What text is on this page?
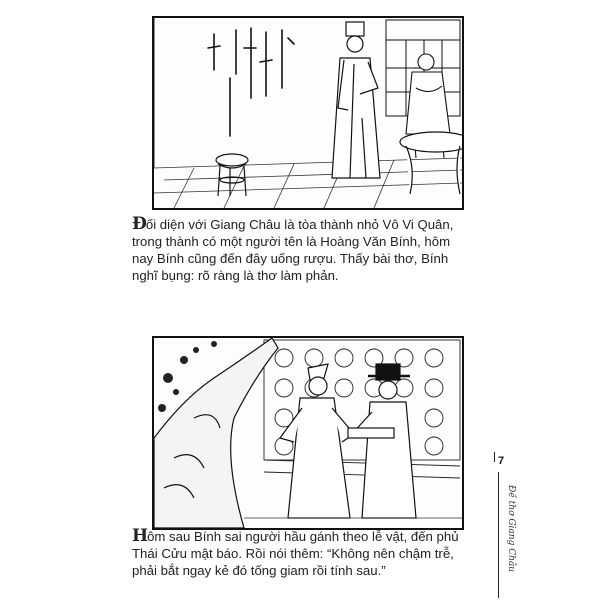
Đối diện với Giang Châu là tòa thành nhỏ Vô Vi Quân, trong thành có một người tên là Hoàng Văn Bính, hôm nay Bính cũng đến đây uống rượu. Thấy bài thơ, Bính nghĩ bụng: rõ ràng là thơ làm phản.

Hôm sau Bính sai người hầu gánh theo lễ vật, đến phủ Thái Cửu mật báo. Rồi nói thêm: “Không nên chậm trễ, phải bắt ngay kẻ đó tống giam rồi tính sau.”

7
Đề thơ Giang Châu
